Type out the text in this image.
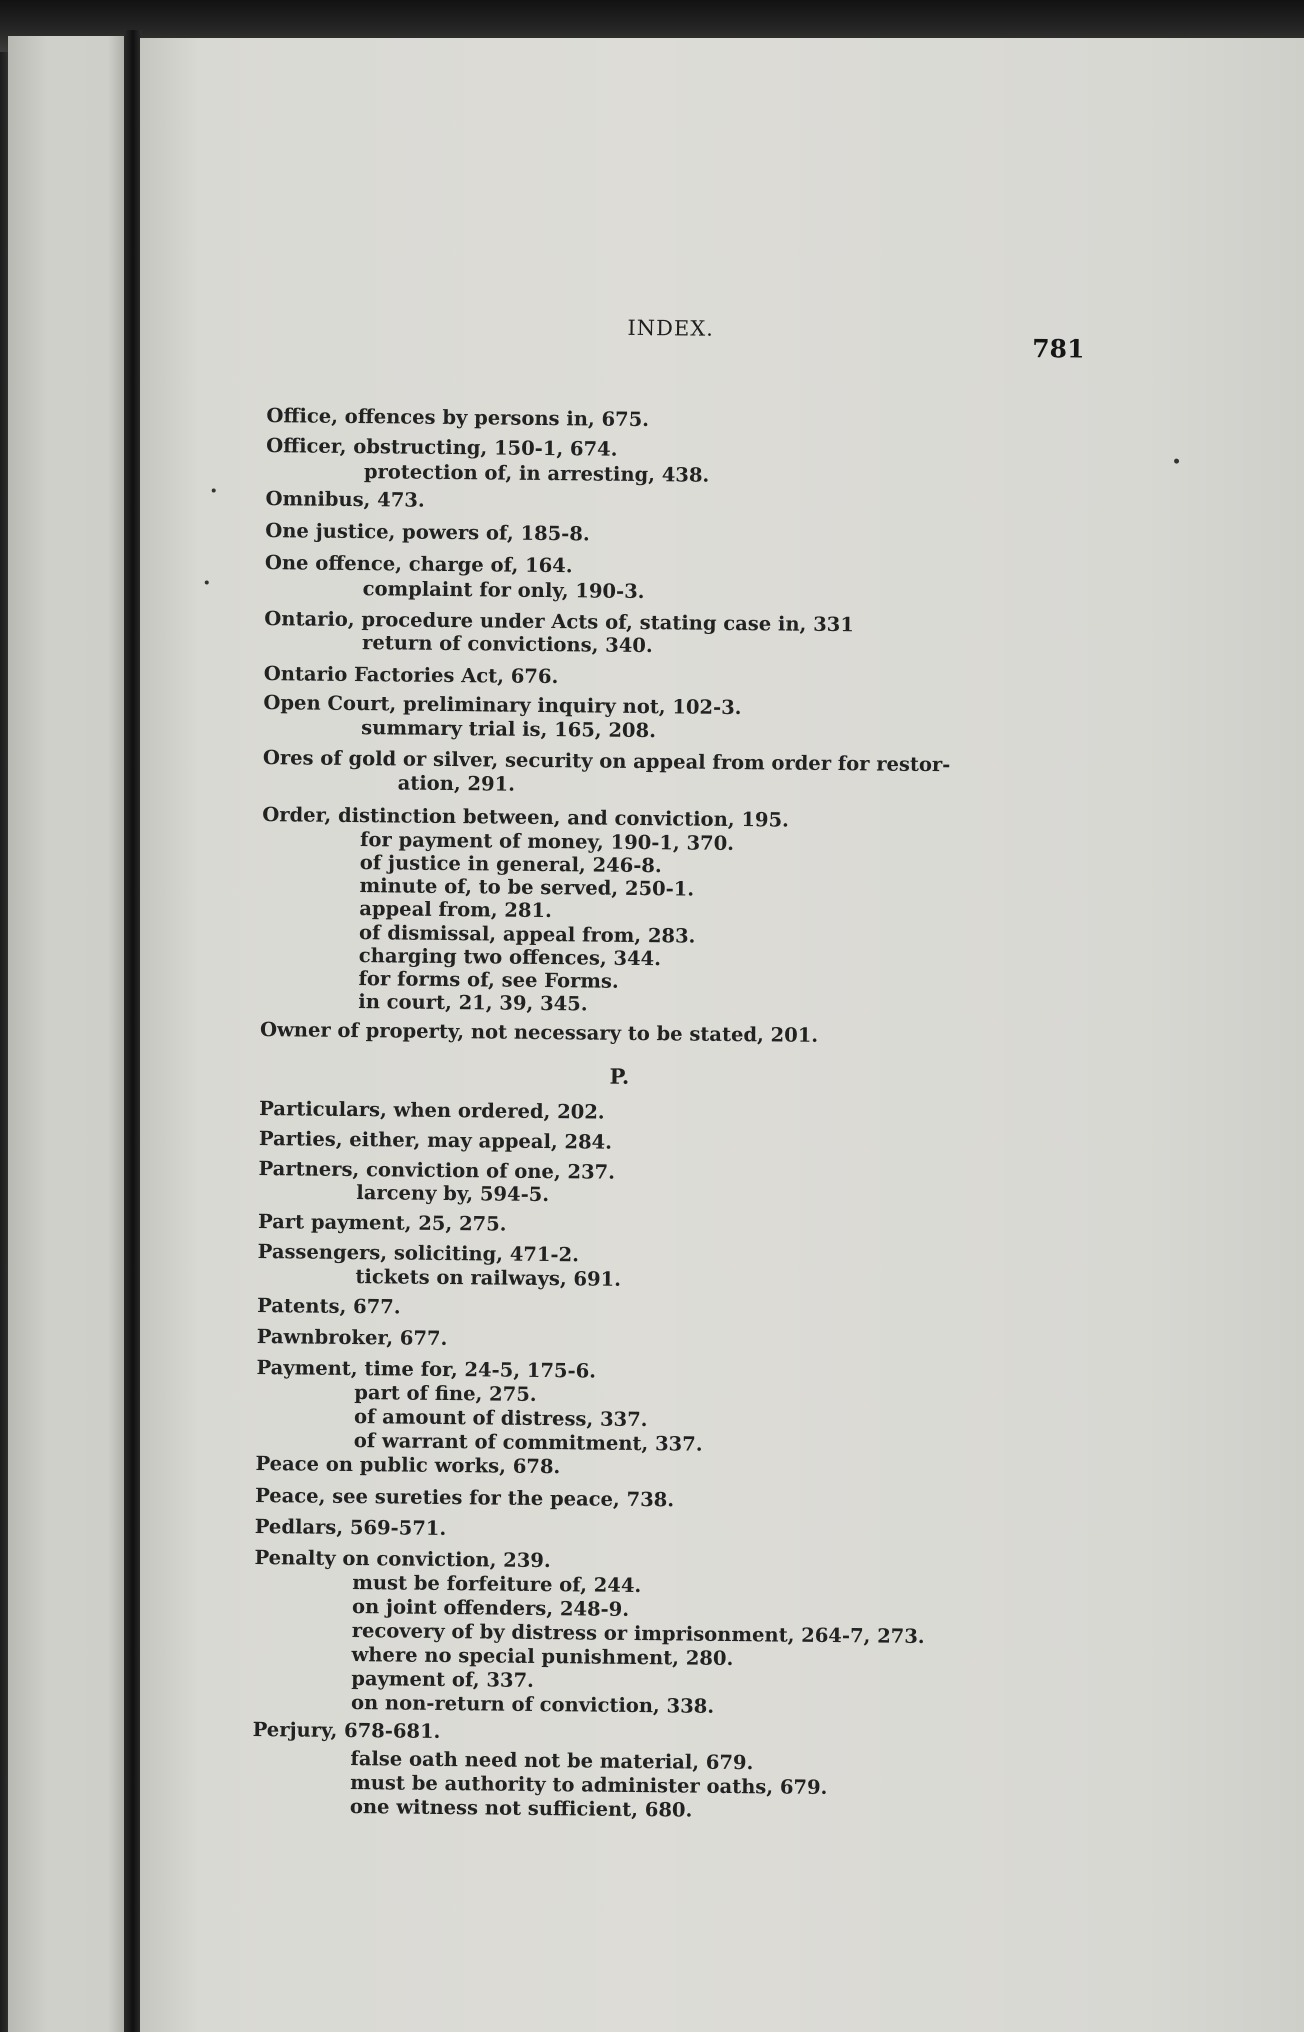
INDEX.
781
Office, offences by persons in, 675.
Officer, obstructing, 150-1, 674.
protection of, in arresting, 438.
Omnibus, 473.
One justice, powers of, 185-8.
One offence, charge of, 164.
complaint for only, 190-3.
Ontario, procedure under Acts of, stating case in, 331
return of convictions, 340.
Ontario Factories Act, 676.
Open Court, preliminary inquiry not, 102-3.
summary trial is, 165, 208.
Ores of gold or silver, security on appeal from order for restor-
ation, 291.
Order, distinction between, and conviction, 195.
for payment of money, 190-1, 370.
of justice in general, 246-8.
minute of, to be served, 250-1.
appeal from, 281.
of dismissal, appeal from, 283.
charging two offences, 344.
for forms of, see Forms.
in court, 21, 39, 345.
Owner of property, not necessary to be stated, 201.
P.
Particulars, when ordered, 202.
Parties, either, may appeal, 284.
Partners, conviction of one, 237.
larceny by, 594-5.
Part payment, 25, 275.
Passengers, soliciting, 471-2.
tickets on railways, 691.
Patents, 677.
Pawnbroker, 677.
Payment, time for, 24-5, 175-6.
part of fine, 275.
of amount of distress, 337.
of warrant of commitment, 337.
Peace on public works, 678.
Peace, see sureties for the peace, 738.
Pedlars, 569-571.
Penalty on conviction, 239.
must be forfeiture of, 244.
on joint offenders, 248-9.
recovery of by distress or imprisonment, 264-7, 273.
where no special punishment, 280.
payment of, 337.
on non-return of conviction, 338.
Perjury, 678-681.
false oath need not be material, 679.
must be authority to administer oaths, 679.
one witness not sufficient, 680.
